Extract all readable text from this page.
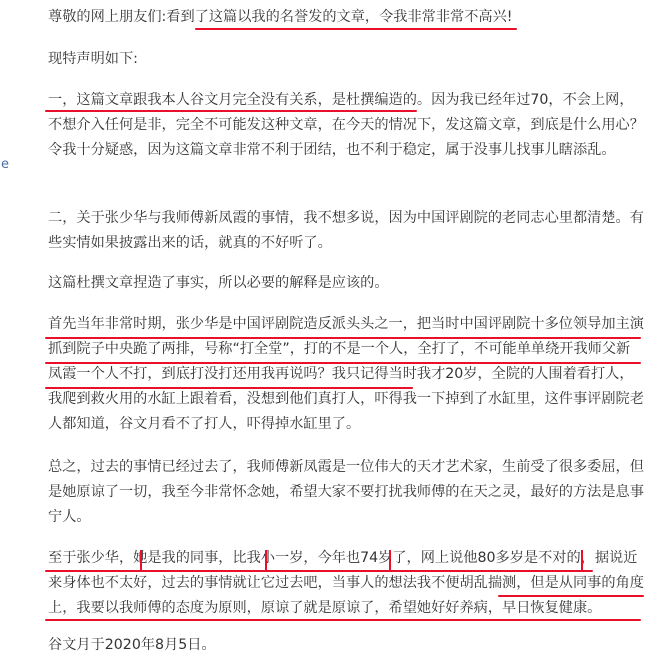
e
尊敬的网上朋友们:看到了这篇以我的名誉发的文章，令我非常非常不高兴!
现特声明如下:
一，这篇文章跟我本人谷文月完全没有关系，是杜撰编造的。因为我已经年过70，不会上网，不想介入任何是非，完全不可能发这种文章，在今天的情况下，发这篇文章，到底是什么用心？令我十分疑惑，因为这篇文章非常不利于团结，也不利于稳定，属于没事儿找事儿瞎添乱。
二，关于张少华与我师傅新凤霞的事情，我不想多说，因为中国评剧院的老同志心里都清楚。有些实情如果披露出来的话，就真的不好听了。
这篇杜撰文章捏造了事实，所以必要的解释是应该的。
首先当年非常时期，张少华是中国评剧院造反派头头之一，把当时中国评剧院十多位领导加主演抓到院子中央跪了两排，号称“打全堂”，打的不是一个人，全打了，不可能单单绕开我师父新凤霞一个人不打，到底打没打还用我再说吗？我只记得当时我才20岁，全院的人围着看打人，我爬到救火用的水缸上跟着看，没想到他们真打人，吓得我一下掉到了水缸里，这件事评剧院老人都知道，谷文月看不了打人，吓得掉水缸里了。
总之，过去的事情已经过去了，我师傅新凤霞是一位伟大的天才艺术家，生前受了很多委屈，但是她原谅了一切，我至今非常怀念她，希望大家不要打扰我师傅的在天之灵，最好的方法是息事宁人。
至于张少华，她是我的同事，比我小一岁，今年也74岁了，网上说他80多岁是不对的，据说近来身体也不太好，过去的事情就让它过去吧，当事人的想法我不便胡乱揣测，但是从同事的角度上，我要以我师傅的态度为原则，原谅了就是原谅了，希望她好好养病，早日恢复健康。
谷文月于2020年8月5日。
